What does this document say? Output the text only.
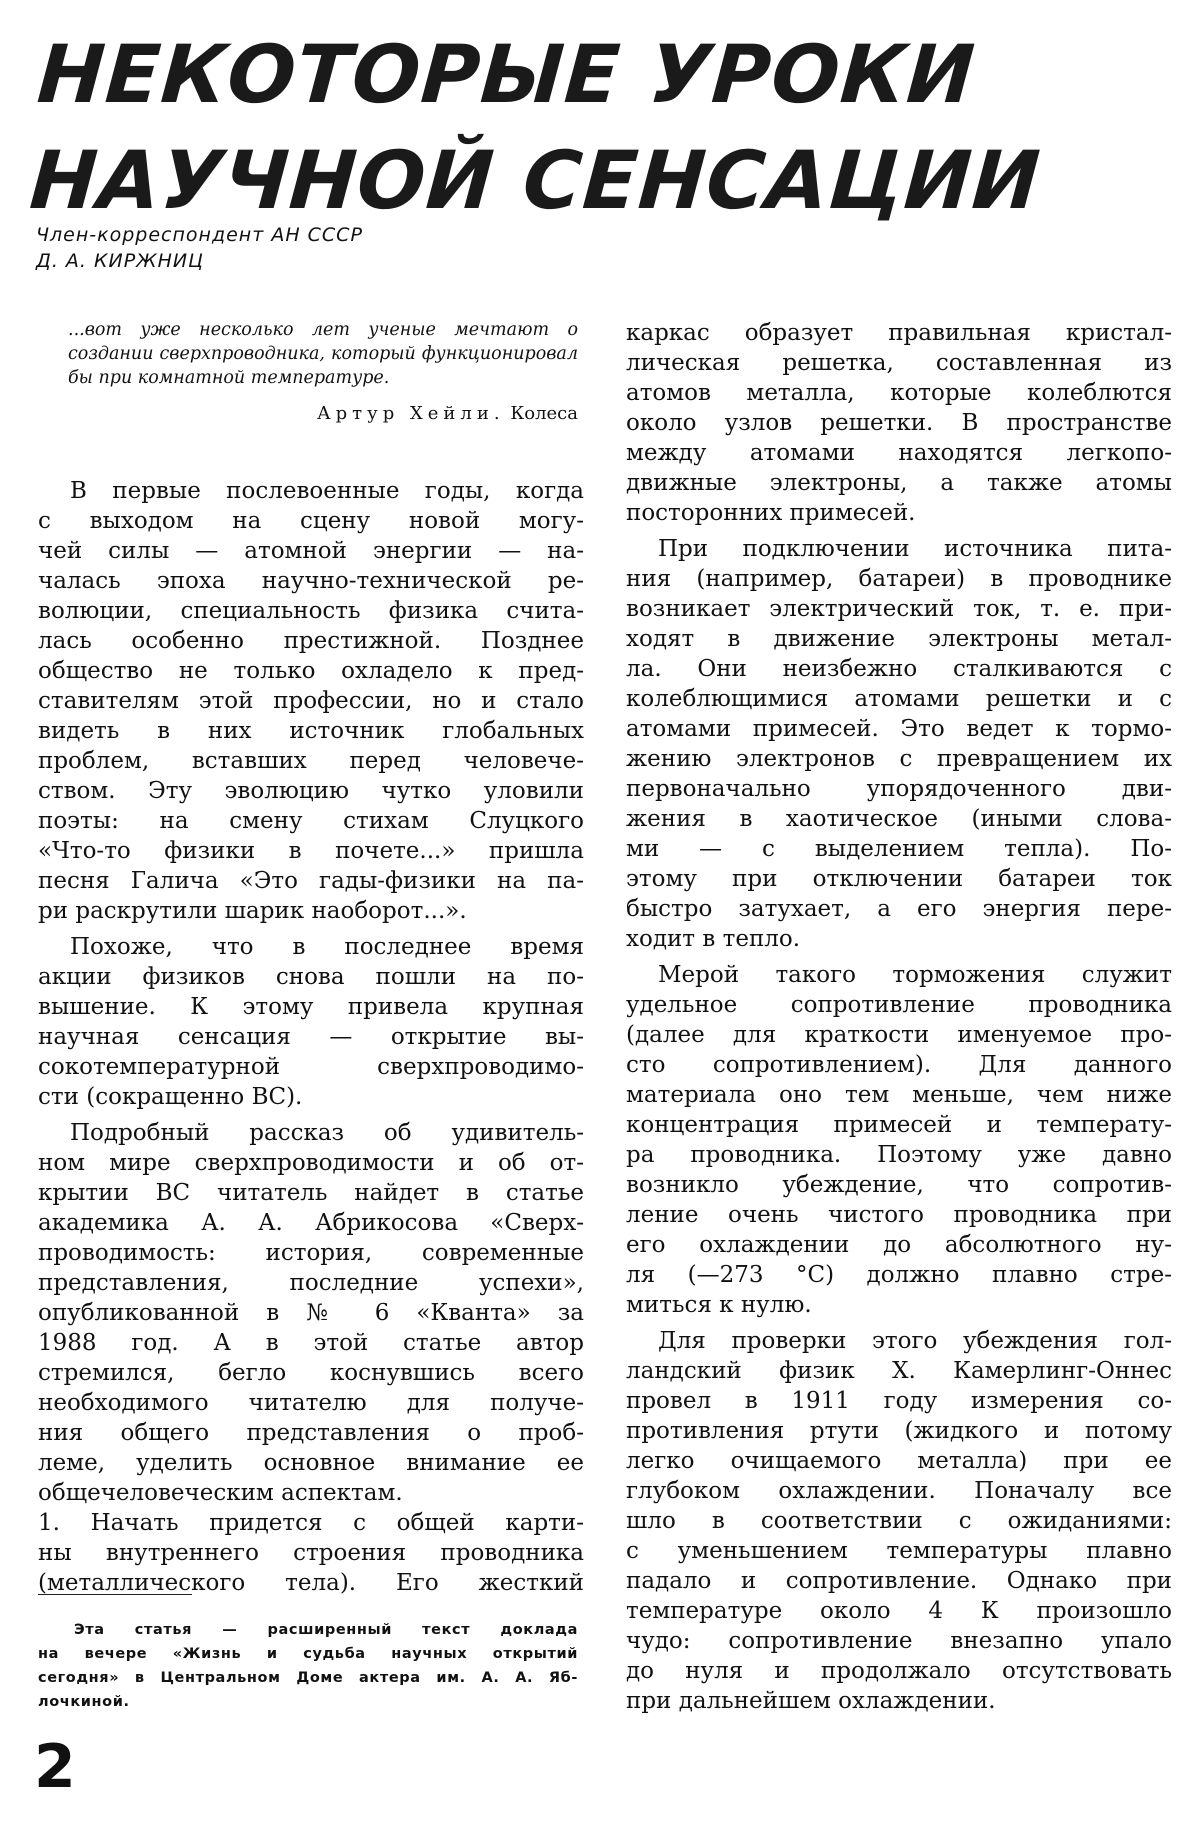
НЕКОТОРЫЕ УРОКИ
НАУЧНОЙ СЕНСАЦИИ
Член-корреспондент АН СССР
Д. А. КИРЖНИЦ
...вот уже несколько лет ученые мечтают о создании сверхпроводника, который функционировал бы при комнатной температуре.
Артур Хейли. Колеса
В первые послевоенные годы, когда
с выходом на сцену новой могу-
чей силы — атомной энергии — на-
чалась эпоха научно-технической ре-
волюции, специальность физика счита-
лась особенно престижной. Позднее
общество не только охладело к пред-
ставителям этой профессии, но и стало
видеть в них источник глобальных
проблем, вставших перед человече-
ством. Эту эволюцию чутко уловили
поэты: на смену стихам Слуцкого
«Что-то физики в почете...» пришла
песня Галича «Это гады-физики на па-
ри раскрутили шарик наоборот...».
Похоже, что в последнее время
акции физиков снова пошли на по-
вышение. К этому привела крупная
научная сенсация — открытие вы-
сокотемпературной сверхпроводимо-
сти (сокращенно ВС).
Подробный рассказ об удивитель-
ном мире сверхпроводимости и об от-
крытии ВС читатель найдет в статье
академика А. А. Абрикосова «Сверх-
проводимость: история, современные
представления, последние успехи»,
опубликованной в № 6 «Кванта» за
1988 год. А в этой статье автор
стремился, бегло коснувшись всего
необходимого читателю для получе-
ния общего представления о проб-
леме, уделить основное внимание ее
общечеловеческим аспектам.
1. Начать придется с общей карти-
ны внутреннего строения проводника
(металлического тела). Его жесткий
каркас образует правильная кристал-
лическая решетка, составленная из
атомов металла, которые колеблются
около узлов решетки. В пространстве
между атомами находятся легкопо-
движные электроны, а также атомы
посторонних примесей.
При подключении источника пита-
ния (например, батареи) в проводнике
возникает электрический ток, т. е. при-
ходят в движение электроны метал-
ла. Они неизбежно сталкиваются с
колеблющимися атомами решетки и с
атомами примесей. Это ведет к тормо-
жению электронов с превращением их
первоначально упорядоченного дви-
жения в хаотическое (иными слова-
ми — с выделением тепла). По-
этому при отключении батареи ток
быстро затухает, а его энергия пере-
ходит в тепло.
Мерой такого торможения служит
удельное сопротивление проводника
(далее для краткости именуемое про-
сто сопротивлением). Для данного
материала оно тем меньше, чем ниже
концентрация примесей и температу-
ра проводника. Поэтому уже давно
возникло убеждение, что сопротив-
ление очень чистого проводника при
его охлаждении до абсолютного ну-
ля (—273 °С) должно плавно стре-
миться к нулю.
Для проверки этого убеждения гол-
ландский физик Х. Камерлинг-Оннес
провел в 1911 году измерения со-
противления ртути (жидкого и потому
легко очищаемого металла) при ее
глубоком охлаждении. Поначалу все
шло в соответствии с ожиданиями:
с уменьшением температуры плавно
падало и сопротивление. Однако при
температуре около 4 К произошло
чудо: сопротивление внезапно упало
до нуля и продолжало отсутствовать
при дальнейшем охлаждении.
Эта статья — расширенный текст доклада
на вечере «Жизнь и судьба научных открытий
сегодня» в Центральном Доме актера им. А. А. Яб-
лочкиной.
2
